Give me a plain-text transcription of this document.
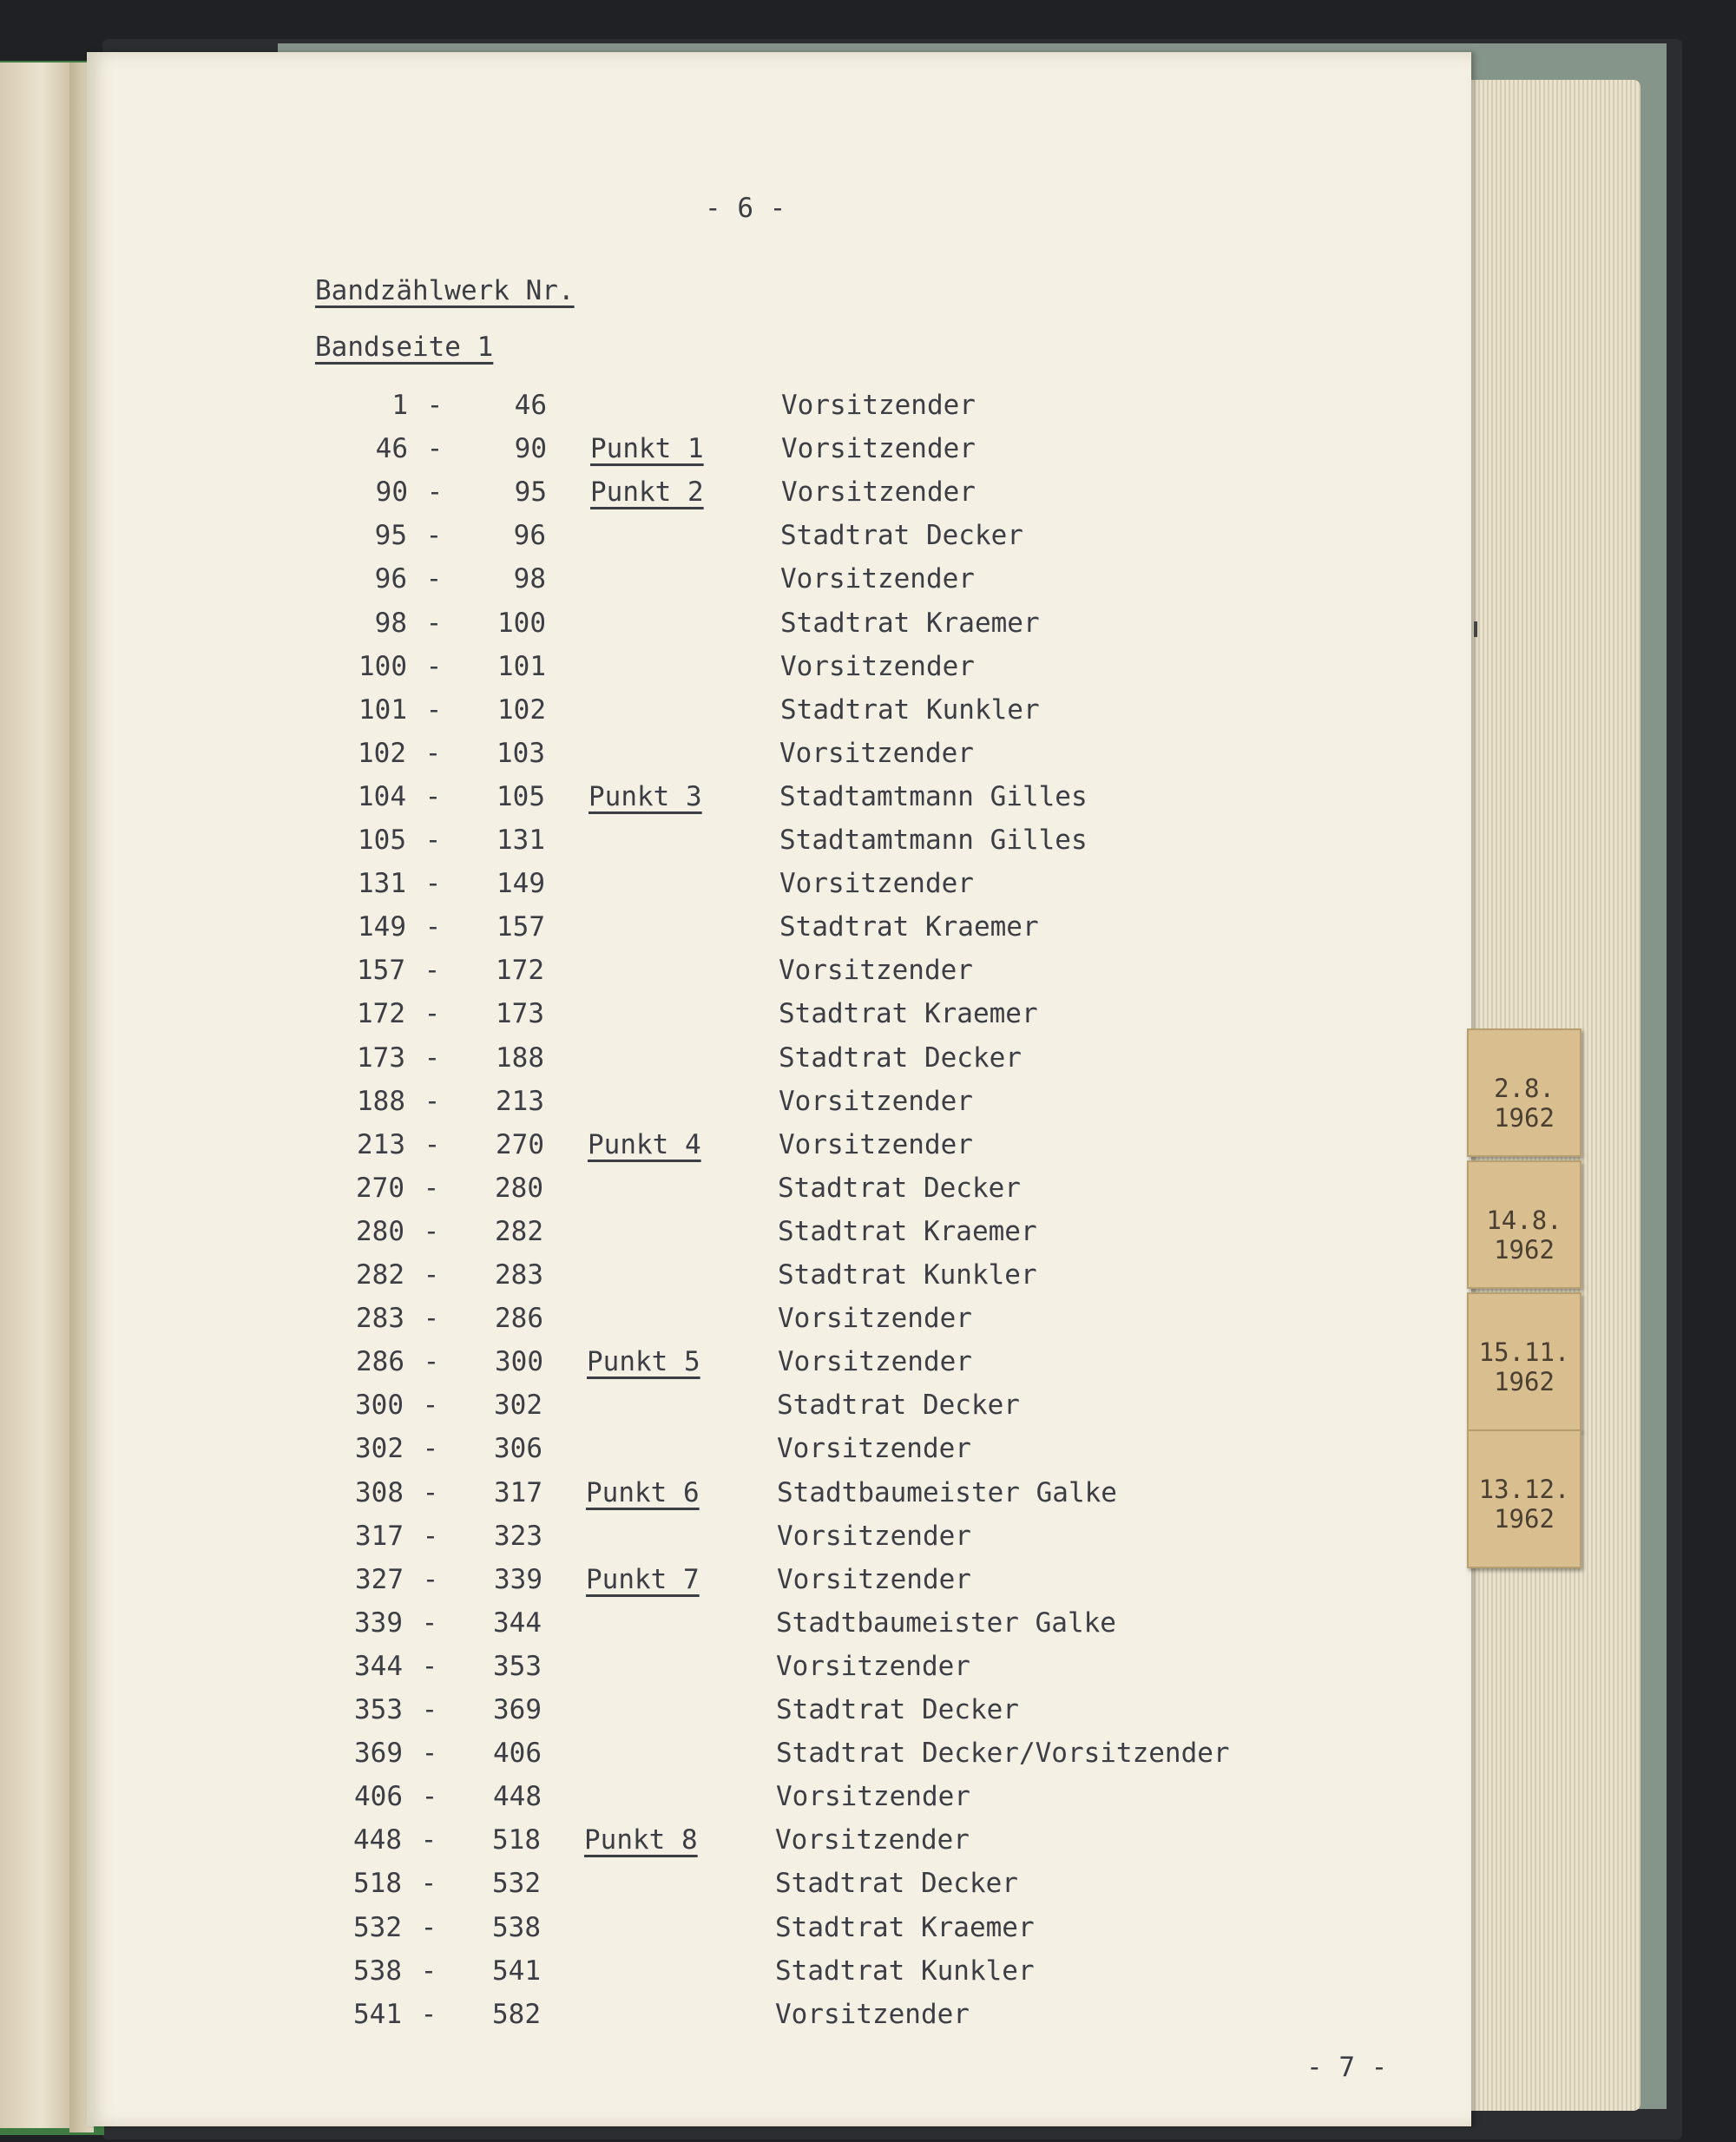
- 6 -
Bandzählwerk Nr.
Bandseite 1
1 -	46	Vorsitzender
46 -	90 Punkt 1	Vorsitzender
90 -	95 Punkt 2	Vorsitzender
95 -	96	Stadtrat Decker
96 -	98	Vorsitzender
98 -	100	Stadtrat Kraemer
100 -	101	Vorsitzender
101 -	102	Stadtrat Kunkler
102 -	103	Vorsitzender
104 -	105 Punkt 3	Stadtamtmann Gilles
105 -	131	Stadtamtmann Gilles
131 -	149	Vorsitzender
149 -	157	Stadtrat Kraemer
157 -	172	Vorsitzender
172 -	173	Stadtrat Kraemer
173 -	188	Stadtrat Decker
188 -	213	Vorsitzender
213 -	270 Punkt 4	Vorsitzender
270 -	280	Stadtrat Decker
280 -	282	Stadtrat Kraemer
282 -	283	Stadtrat Kunkler
283 -	286	Vorsitzender
286 -	300 Punkt 5	Vorsitzender
300 -	302	Stadtrat Decker
302 -	306	Vorsitzender
308 -	317 Punkt 6	Stadtbaumeister Galke
317 -	323	Vorsitzender
327 -	339 Punkt 7	Vorsitzender
339 -	344	Stadtbaumeister Galke
344 -	353	Vorsitzender
353 -	369	Stadtrat Decker
369 -	406	Stadtrat Decker/Vorsitzender
406 -	448	Vorsitzender
448 -	518 Punkt 8	Vorsitzender
518 -	532	Stadtrat Decker
532 -	538	Stadtrat Kraemer
538 -	541	Stadtrat Kunkler
541 -	582	Vorsitzender
- 7 -
2.8.
1962
14.8.
1962
15.11.
1962
13.12.
1962
